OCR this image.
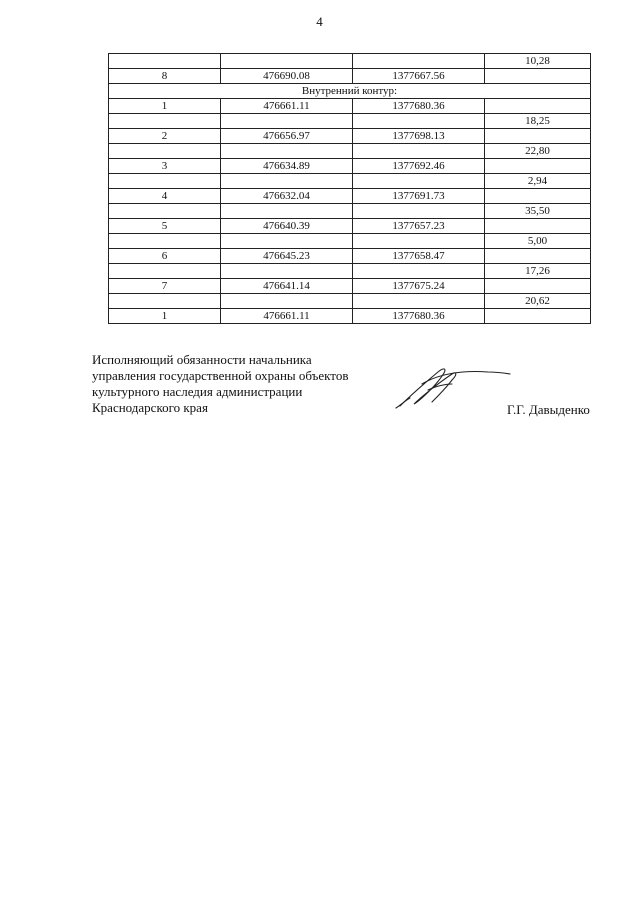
4
			10,28
8	476690.08	1377667.56	
Внутренний контур:			
1	476661.11	1377680.36	
			18,25
2	476656.97	1377698.13	
			22,80
3	476634.89	1377692.46	
			2,94
4	476632.04	1377691.73	
			35,50
5	476640.39	1377657.23	
			5,00
6	476645.23	1377658.47	
			17,26
7	476641.14	1377675.24	
			20,62
1	476661.11	1377680.36	
Исполняющий обязанности начальника
управления государственной охраны объектов
культурного наследия администрации
Краснодарского края	Г.Г. Давыденко
